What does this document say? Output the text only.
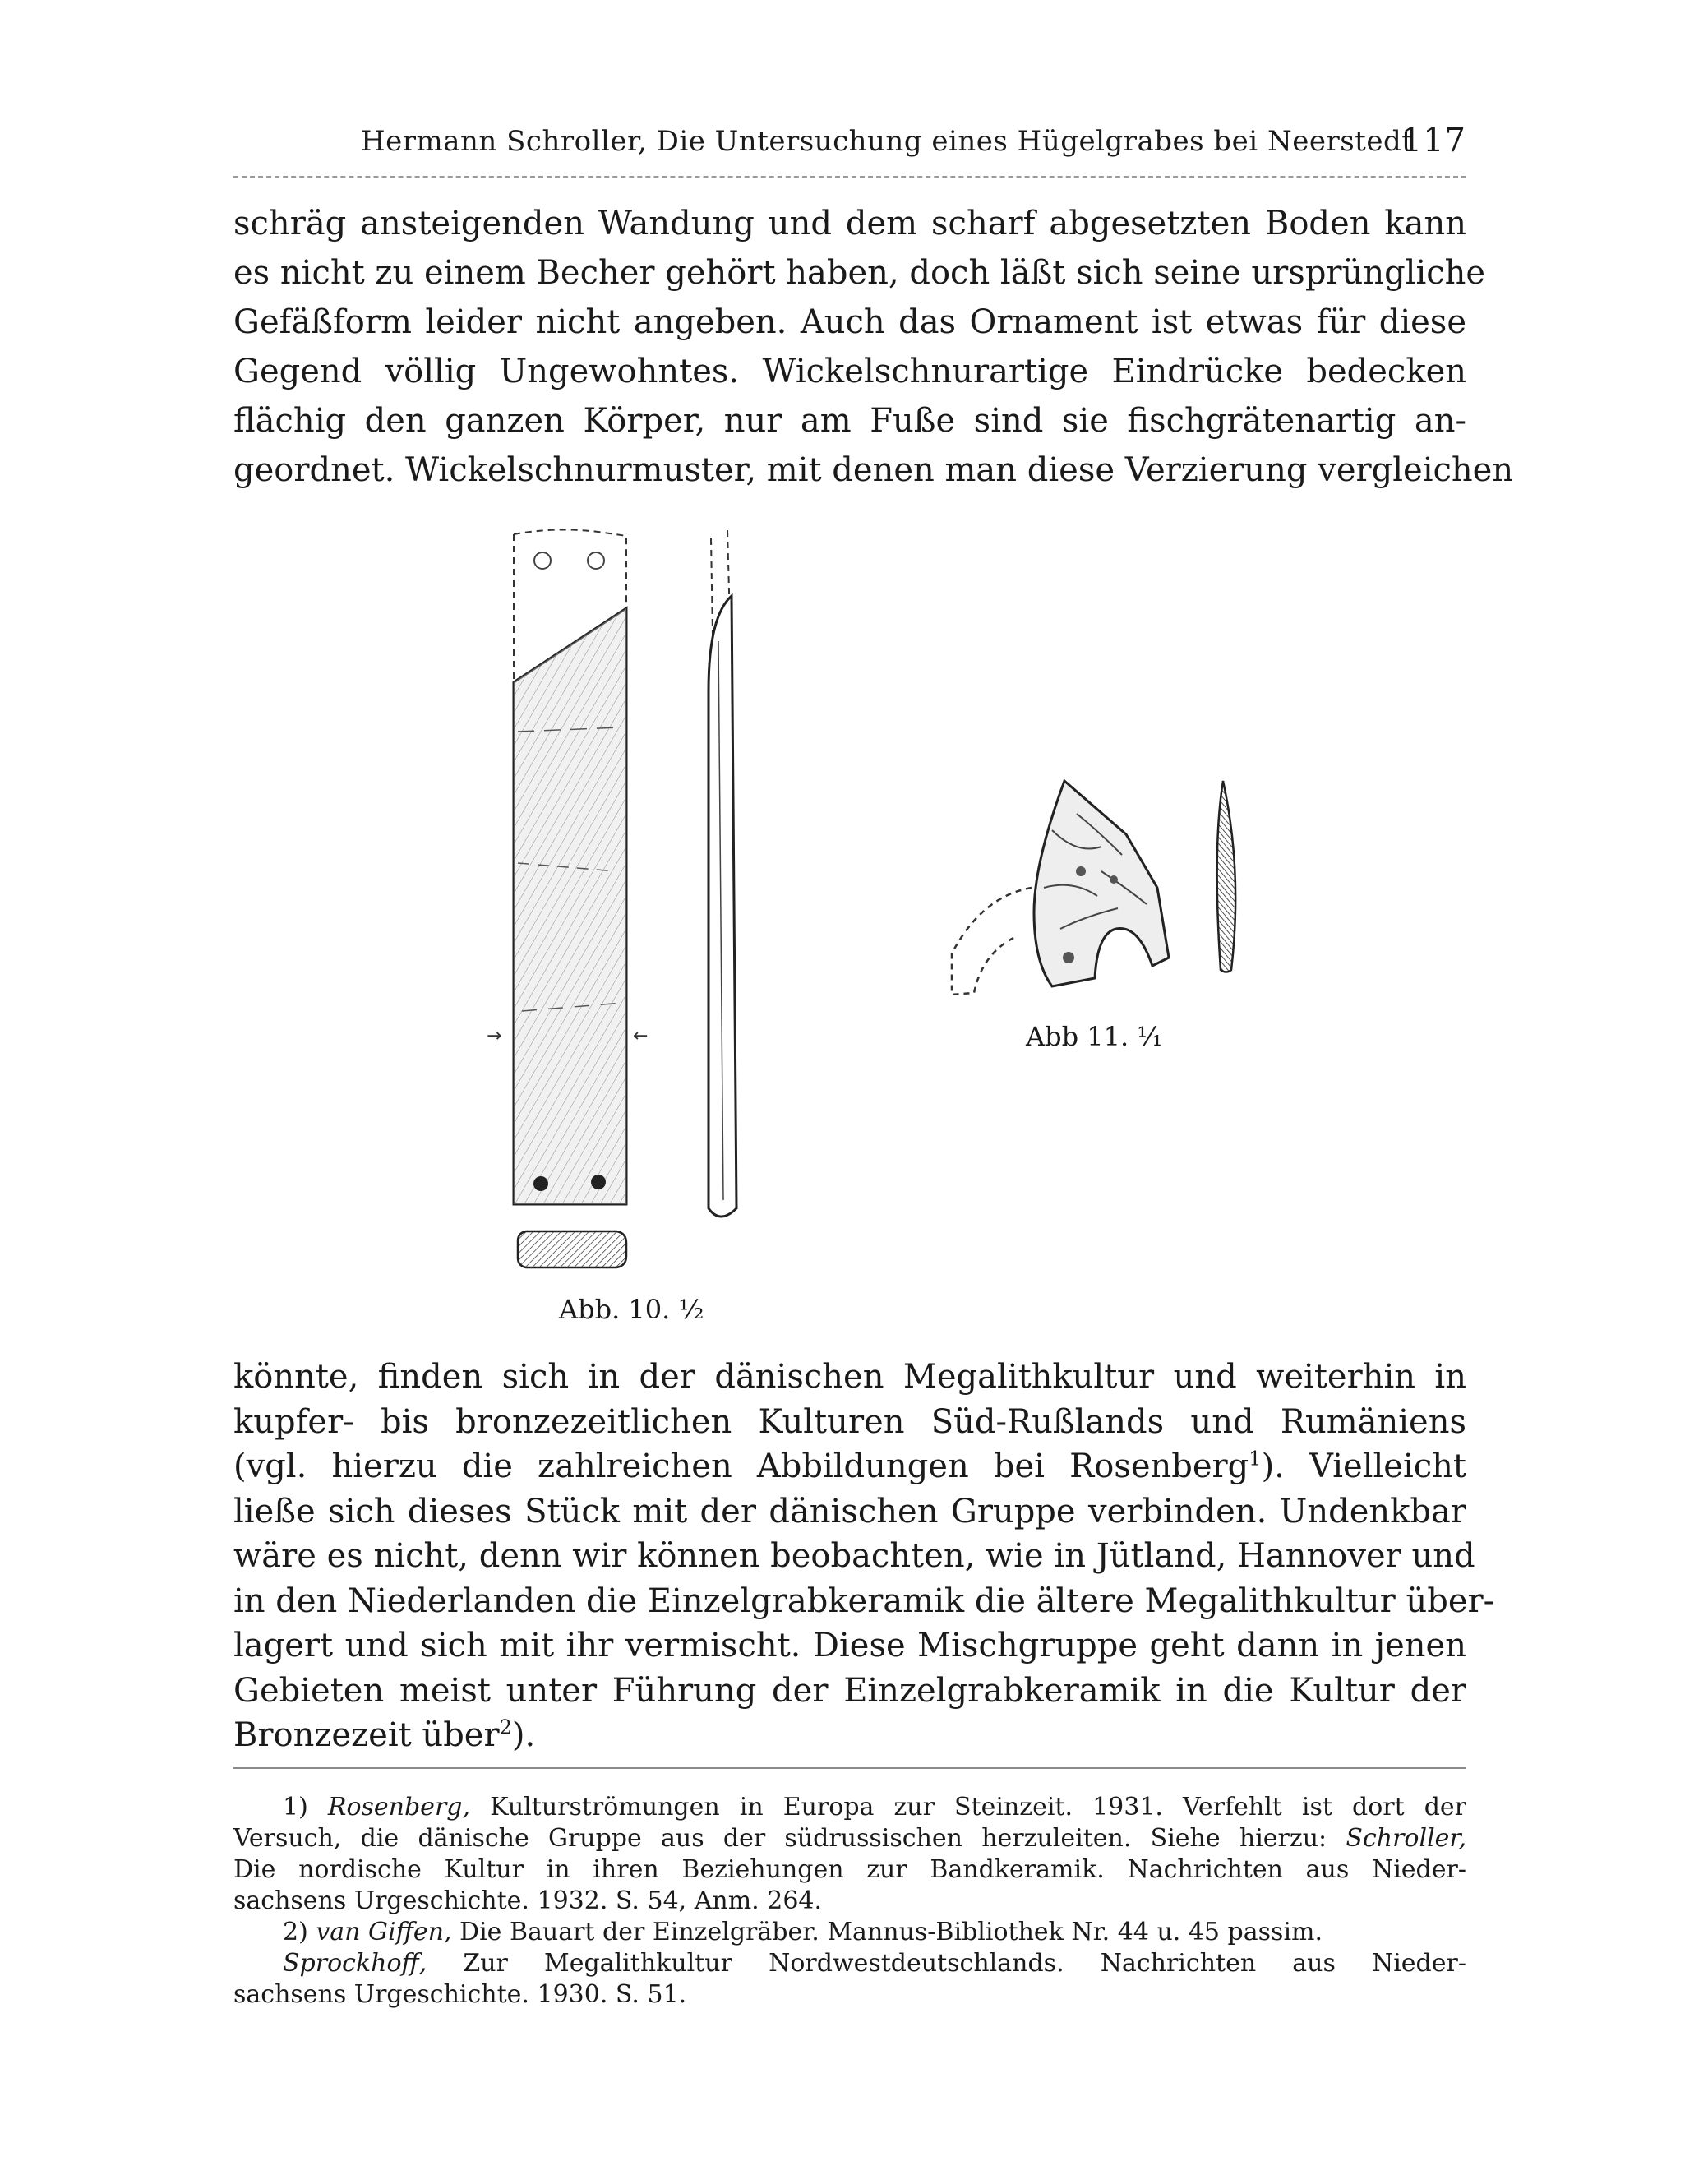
Hermann Schroller, Die Untersuchung eines Hügelgrabes bei Neerstedt
117
schräg ansteigenden Wandung und dem scharf abgesetzten Boden kann
es nicht zu einem Becher gehört haben, doch läßt sich seine ursprüngliche
Gefäßform leider nicht angeben. Auch das Ornament ist etwas für diese
Gegend völlig Ungewohntes. Wickelschnurartige Eindrücke bedecken
flächig den ganzen Körper, nur am Fuße sind sie fischgrätenartig an-
geordnet. Wickelschnurmuster, mit denen man diese Verzierung vergleichen
→	←
Abb. 10. ½
Abb 11. ¹⁄₁
könnte, finden sich in der dänischen Megalithkultur und weiterhin in
kupfer- bis bronzezeitlichen Kulturen Süd-Rußlands und Rumäniens
(vgl. hierzu die zahlreichen Abbildungen bei Rosenberg$^1$). Vielleicht
ließe sich dieses Stück mit der dänischen Gruppe verbinden. Undenkbar
wäre es nicht, denn wir können beobachten, wie in Jütland, Hannover und
in den Niederlanden die Einzelgrabkeramik die ältere Megalithkultur über-
lagert und sich mit ihr vermischt. Diese Mischgruppe geht dann in jenen
Gebieten meist unter Führung der Einzelgrabkeramik in die Kultur der
Bronzezeit über$^2$).
1) Rosenberg, Kulturströmungen in Europa zur Steinzeit. 1931. Verfehlt ist dort der
Versuch, die dänische Gruppe aus der südrussischen herzuleiten. Siehe hierzu: Schroller,
Die nordische Kultur in ihren Beziehungen zur Bandkeramik. Nachrichten aus Nieder-
sachsens Urgeschichte. 1932. S. 54, Anm. 264.
2) van Giffen, Die Bauart der Einzelgräber. Mannus-Bibliothek Nr. 44 u. 45 passim.
Sprockhoff, Zur Megalithkultur Nordwestdeutschlands. Nachrichten aus Nieder-
sachsens Urgeschichte. 1930. S. 51.
